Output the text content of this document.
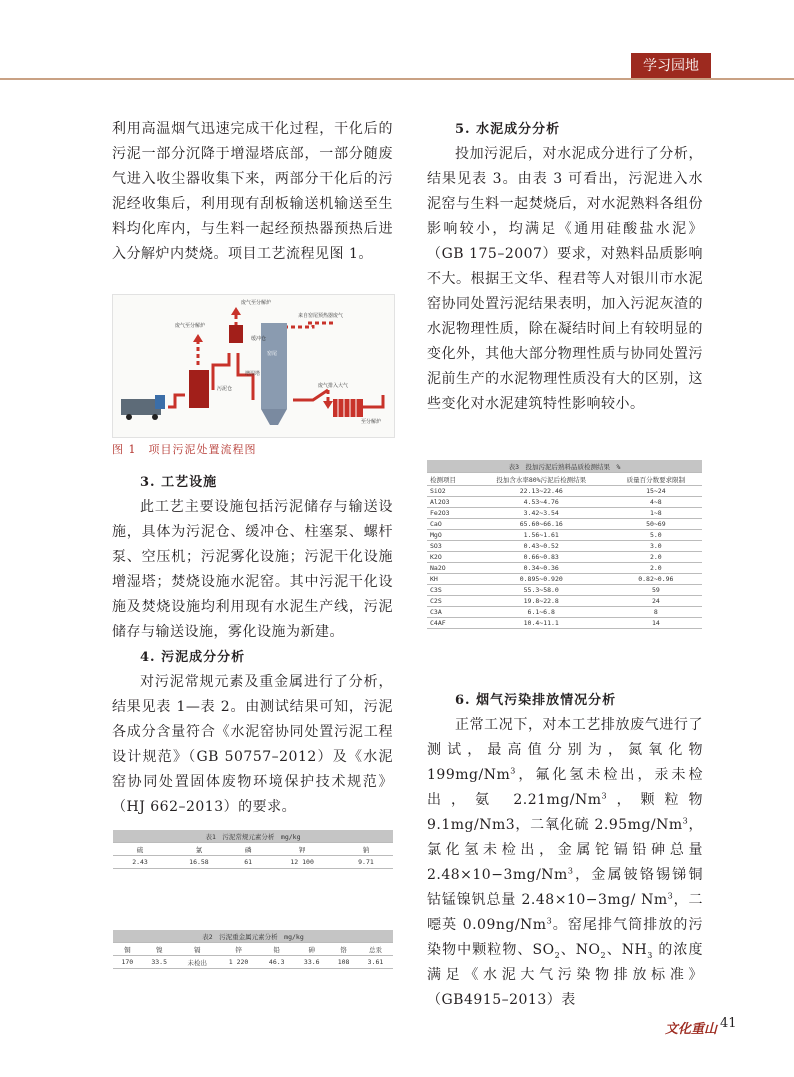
学习园地

利用高温烟气迅速完成干化过程，干化后的污泥一部分沉降于增湿塔底部，一部分随废气进入收尘器收集下来，两部分干化后的污泥经收集后，利用现有刮板输送机输送至生料均化库内，与生料一起经预热器预热后进入分解炉内焚烧。项目工艺流程见图 1。

废气至分解炉
废气至分解炉
来自窑尾预热器废气
缓冲仓
增湿塔
废气排入大气
至分解炉
污泥仓
窑尾
图 1　项目污泥处置流程图

3. 工艺设施

此工艺主要设施包括污泥储存与输送设施，具体为污泥仓、缓冲仓、柱塞泵、螺杆泵、空压机；污泥雾化设施；污泥干化设施增湿塔；焚烧设施水泥窑。其中污泥干化设施及焚烧设施均利用现有水泥生产线，污泥储存与输送设施，雾化设施为新建。

4. 污泥成分分析

对污泥常规元素及重金属进行了分析，结果见表 1—表 2。由测试结果可知，污泥各成分含量符合《水泥窑协同处置污泥工程设计规范》（GB 50757–2012）及《水泥窑协同处置固体废物环境保护技术规范》（HJ 662–2013）的要求。

表1　污泥常规元素分析　mg/kg				
硫	氯	磷	钾	钠
2.43	16.58	61	12 100	9.71
表2　污泥重金属元素分析　mg/kg							
铜	镍	镉	锌	铅	砷	铬	总汞
170	33.5	未检出	1 220	46.3	33.6	108	3.61

5. 水泥成分分析

投加污泥后，对水泥成分进行了分析，结果见表 3。由表 3 可看出，污泥进入水泥窑与生料一起焚烧后，对水泥熟料各组份影响较小，均满足《通用硅酸盐水泥》（GB 175–2007）要求，对熟料品质影响不大。根据王文华、程君等人对银川市水泥窑协同处置污泥结果表明，加入污泥灰渣的水泥物理性质，除在凝结时间上有较明显的变化外，其他大部分物理性质与协同处置污泥前生产的水泥物理性质没有大的区别，这些变化对水泥建筑特性影响较小。

表3　投加污泥后熟料品质检测结果　%		
检测项目	投加含水率80%污泥后检测结果	质量百分数要求限制
SiO2	22.13~22.46	15~24
Al2O3	4.53~4.76	4~8
Fe2O3	3.42~3.54	1~8
CaO	65.60~66.16	50~69
MgO	1.56~1.61	5.0
SO3	0.43~0.52	3.0
K2O	0.66~0.83	2.0
Na2O	0.34~0.36	2.0
KH	0.895~0.920	0.82~0.96
C3S	55.3~58.0	59
C2S	19.8~22.8	24
C3A	6.1~6.8	8
C4AF	10.4~11.1	14

6. 烟气污染排放情况分析

正常工况下，对本工艺排放废气进行了测试，最高值分别为，氮氧化物 199mg/Nm$^3$，氟化氢未检出，汞未检出，氨 2.21mg/Nm$^3$，颗粒物 9.1mg/Nm3，二氧化硫 2.95mg/Nm$^3$，氯化氢未检出，金属铊镉铅砷总量 $2.48\times 10-3mg/Nm^3$，金属铍铬锡锑铜钴锰镍钒总量 2.48×10−3mg/ Nm$^3$，二噁英 0.09ng/Nm$^3$。窑尾排气筒排放的污染物中颗粒物、$SO_2$、$NO_2$、$NH_3$ 的浓度满足《水泥大气污染物排放标准》（GB4915–2013）表

文化重山 41
